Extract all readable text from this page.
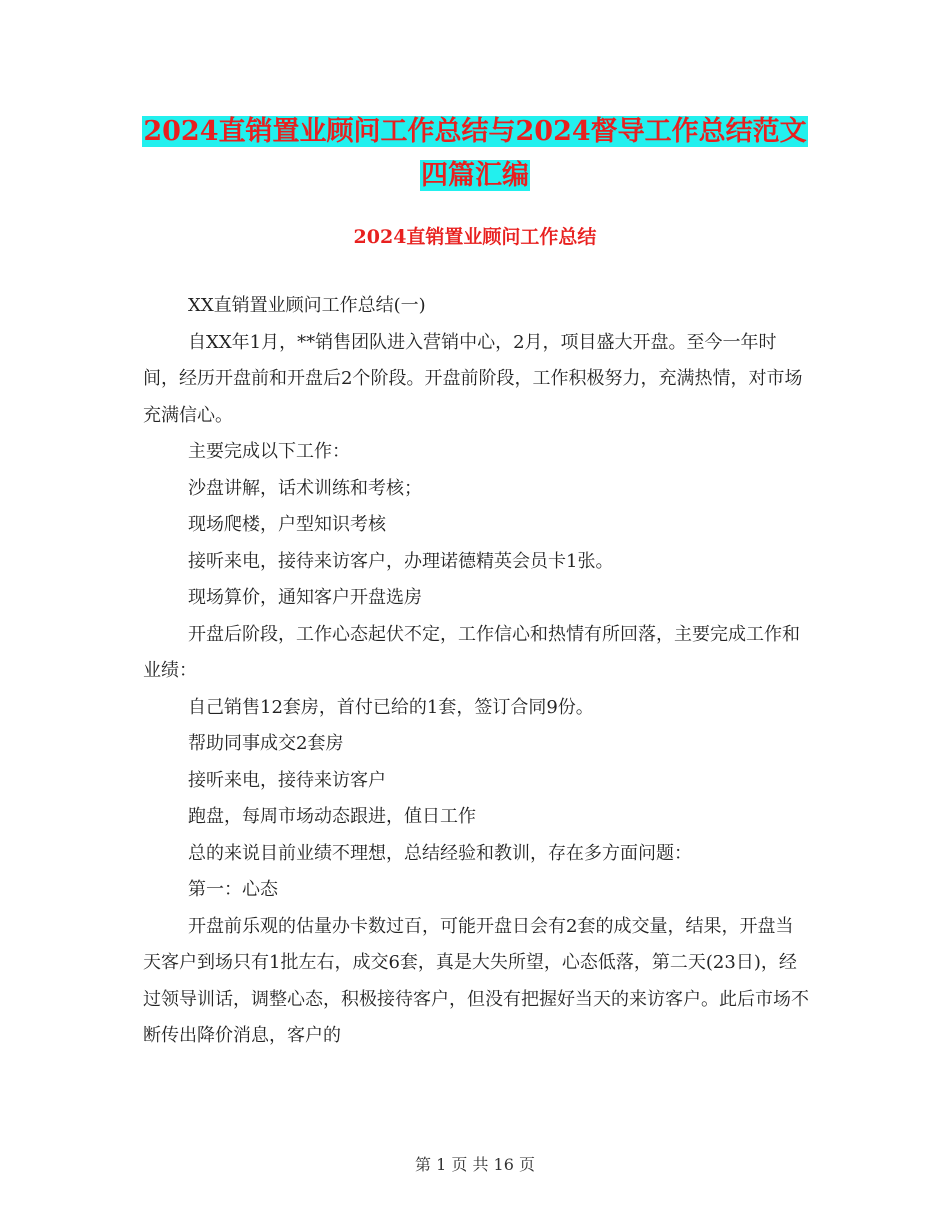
2024直销置业顾问工作总结与2024督导工作总结范文
四篇汇编
2024直销置业顾问工作总结

XX直销置业顾问工作总结(一)

自XX年1月，**销售团队进入营销中心，2月，项目盛大开盘。至今一年时间，经历开盘前和开盘后2个阶段。开盘前阶段，工作积极努力，充满热情，对市场充满信心。

主要完成以下工作：

沙盘讲解，话术训练和考核；

现场爬楼，户型知识考核

接听来电，接待来访客户，办理诺德精英会员卡1张。

现场算价，通知客户开盘选房

开盘后阶段，工作心态起伏不定，工作信心和热情有所回落，主要完成工作和业绩：

自己销售12套房，首付已给的1套，签订合同9份。

帮助同事成交2套房

接听来电，接待来访客户

跑盘，每周市场动态跟进，值日工作

总的来说目前业绩不理想，总结经验和教训，存在多方面问题：

第一：心态

开盘前乐观的估量办卡数过百，可能开盘日会有2套的成交量，结果，开盘当天客户到场只有1批左右，成交6套，真是大失所望，心态低落，第二天(23日)，经过领导训话，调整心态，积极接待客户，但没有把握好当天的来访客户。此后市场不断传出降价消息，客户的

第 1 页 共 16 页
